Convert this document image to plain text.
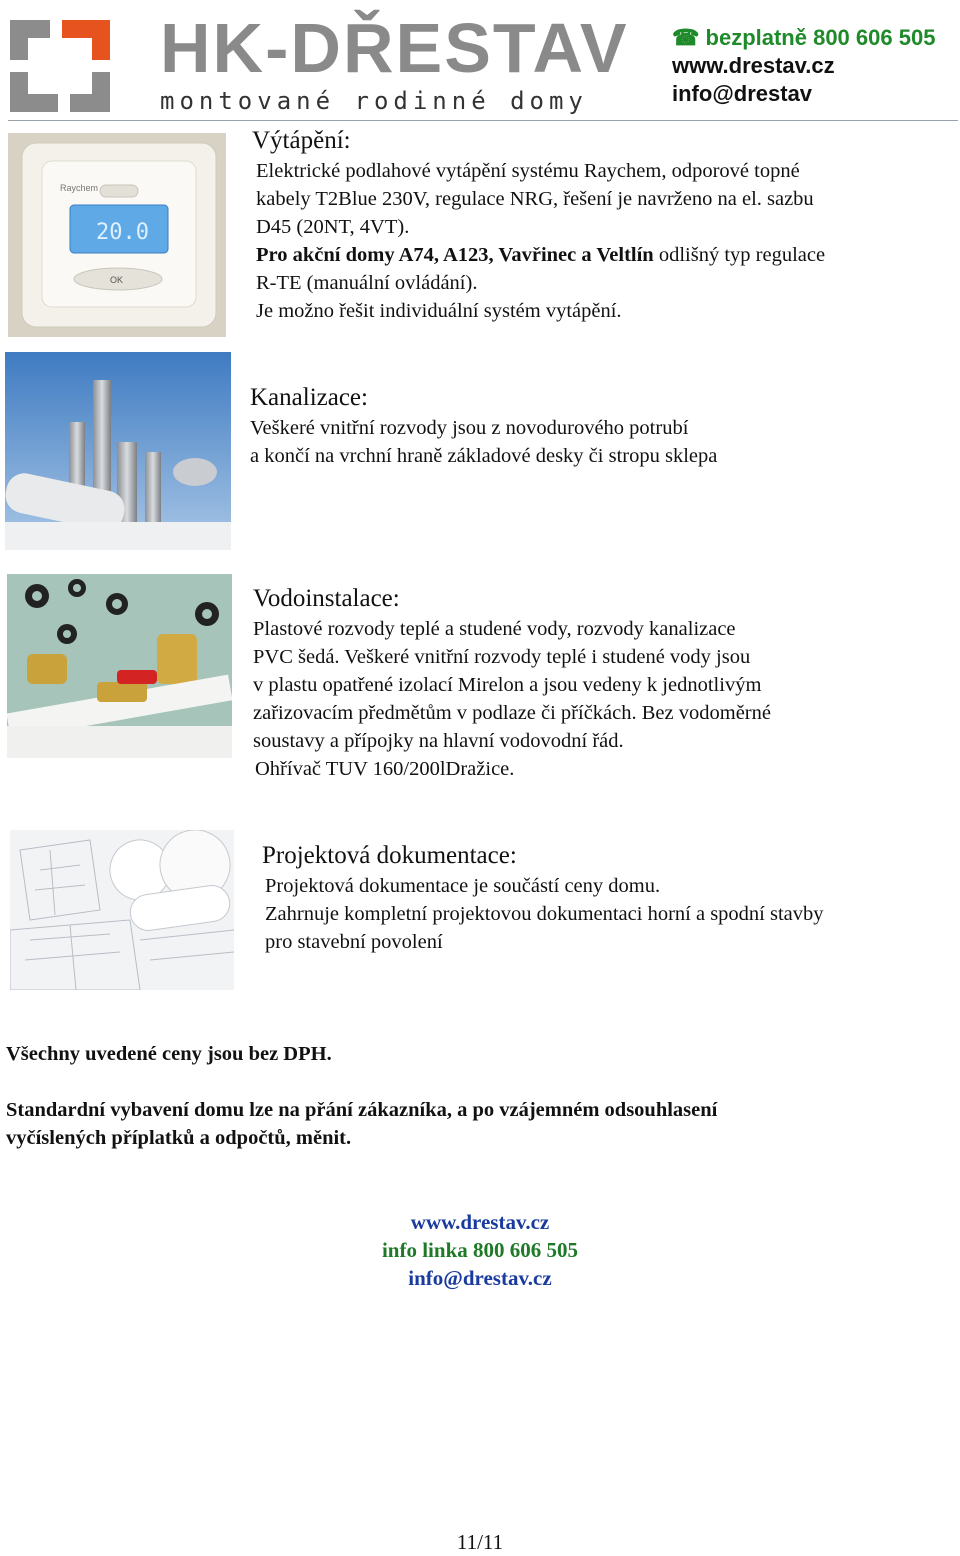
HK-DŘESTAV
montované rodinné domy
☎ bezplatně 800 606 505
www.drestav.cz
info@drestav
Raychem
20.0
OK
Výtápění:
Elektrické podlahové vytápění systému Raychem, odporové topné
kabely T2Blue 230V, regulace NRG, řešení je navrženo na el. sazbu
D45 (20NT, 4VT).
Pro akční domy A74, A123, Vavřinec a Veltlín odlišný typ regulace
R-TE (manuální ovládání).
Je možno řešit individuální systém vytápění.
Kanalizace:
Veškeré vnitřní rozvody jsou z novodurového potrubí
a končí na vrchní hraně základové desky či stropu sklepa
Vodoinstalace:
Plastové rozvody teplé a studené vody, rozvody kanalizace
PVC šedá. Veškeré vnitřní rozvody teplé i studené vody jsou
v plastu opatřené izolací Mirelon a jsou vedeny k jednotlivým
zařizovacím předmětům v podlaze či příčkách. Bez vodoměrné
soustavy a přípojky na hlavní vodovodní řád.
Ohřívač TUV 160/200lDražice.
Projektová dokumentace:
Projektová dokumentace je součástí ceny domu.
Zahrnuje kompletní projektovou dokumentaci horní a spodní stavby
pro stavební povolení
Všechny uvedené ceny jsou bez DPH.
Standardní vybavení domu lze na přání zákazníka, a po vzájemném odsouhlasení
vyčíslených příplatků a odpočtů, měnit.
www.drestav.cz
info linka 800 606 505
info@drestav.cz
11/11
